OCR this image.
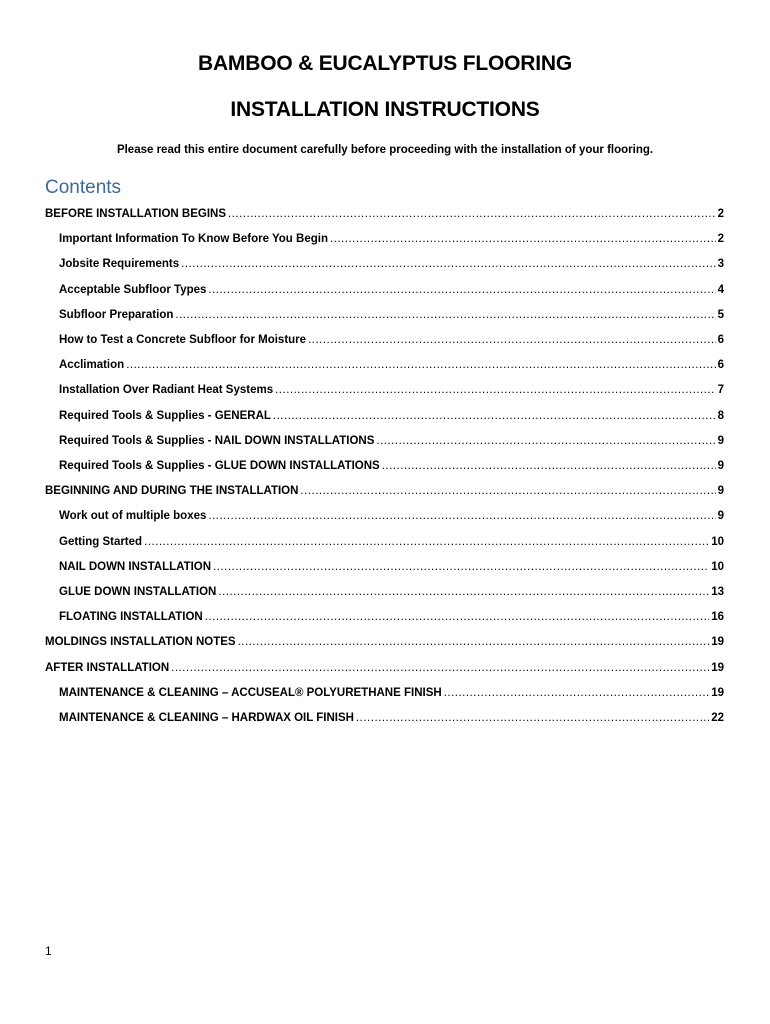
BAMBOO & EUCALYPTUS FLOORING
INSTALLATION INSTRUCTIONS
Please read this entire document carefully before proceeding with the installation of your flooring.
Contents
BEFORE INSTALLATION BEGINS .....	2
Important Information To Know Before You Begin .....	2
Jobsite Requirements .....	3
Acceptable Subfloor Types .....	4
Subfloor Preparation .....	5
How to Test a Concrete Subfloor for Moisture .....	6
Acclimation .....	6
Installation Over Radiant Heat Systems .....	7
Required Tools & Supplies - GENERAL .....	8
Required Tools & Supplies - NAIL DOWN INSTALLATIONS .....	9
Required Tools & Supplies - GLUE DOWN INSTALLATIONS .....	9
BEGINNING AND DURING THE INSTALLATION .....	9
Work out of multiple boxes .....	9
Getting Started .....	10
NAIL DOWN INSTALLATION .....	10
GLUE DOWN INSTALLATION .....	13
FLOATING INSTALLATION .....	16
MOLDINGS INSTALLATION NOTES .....	19
AFTER INSTALLATION .....	19
MAINTENANCE & CLEANING – ACCUSEAL® POLYURETHANE FINISH .....	19
MAINTENANCE & CLEANING – HARDWAX OIL FINISH .....	22
1
